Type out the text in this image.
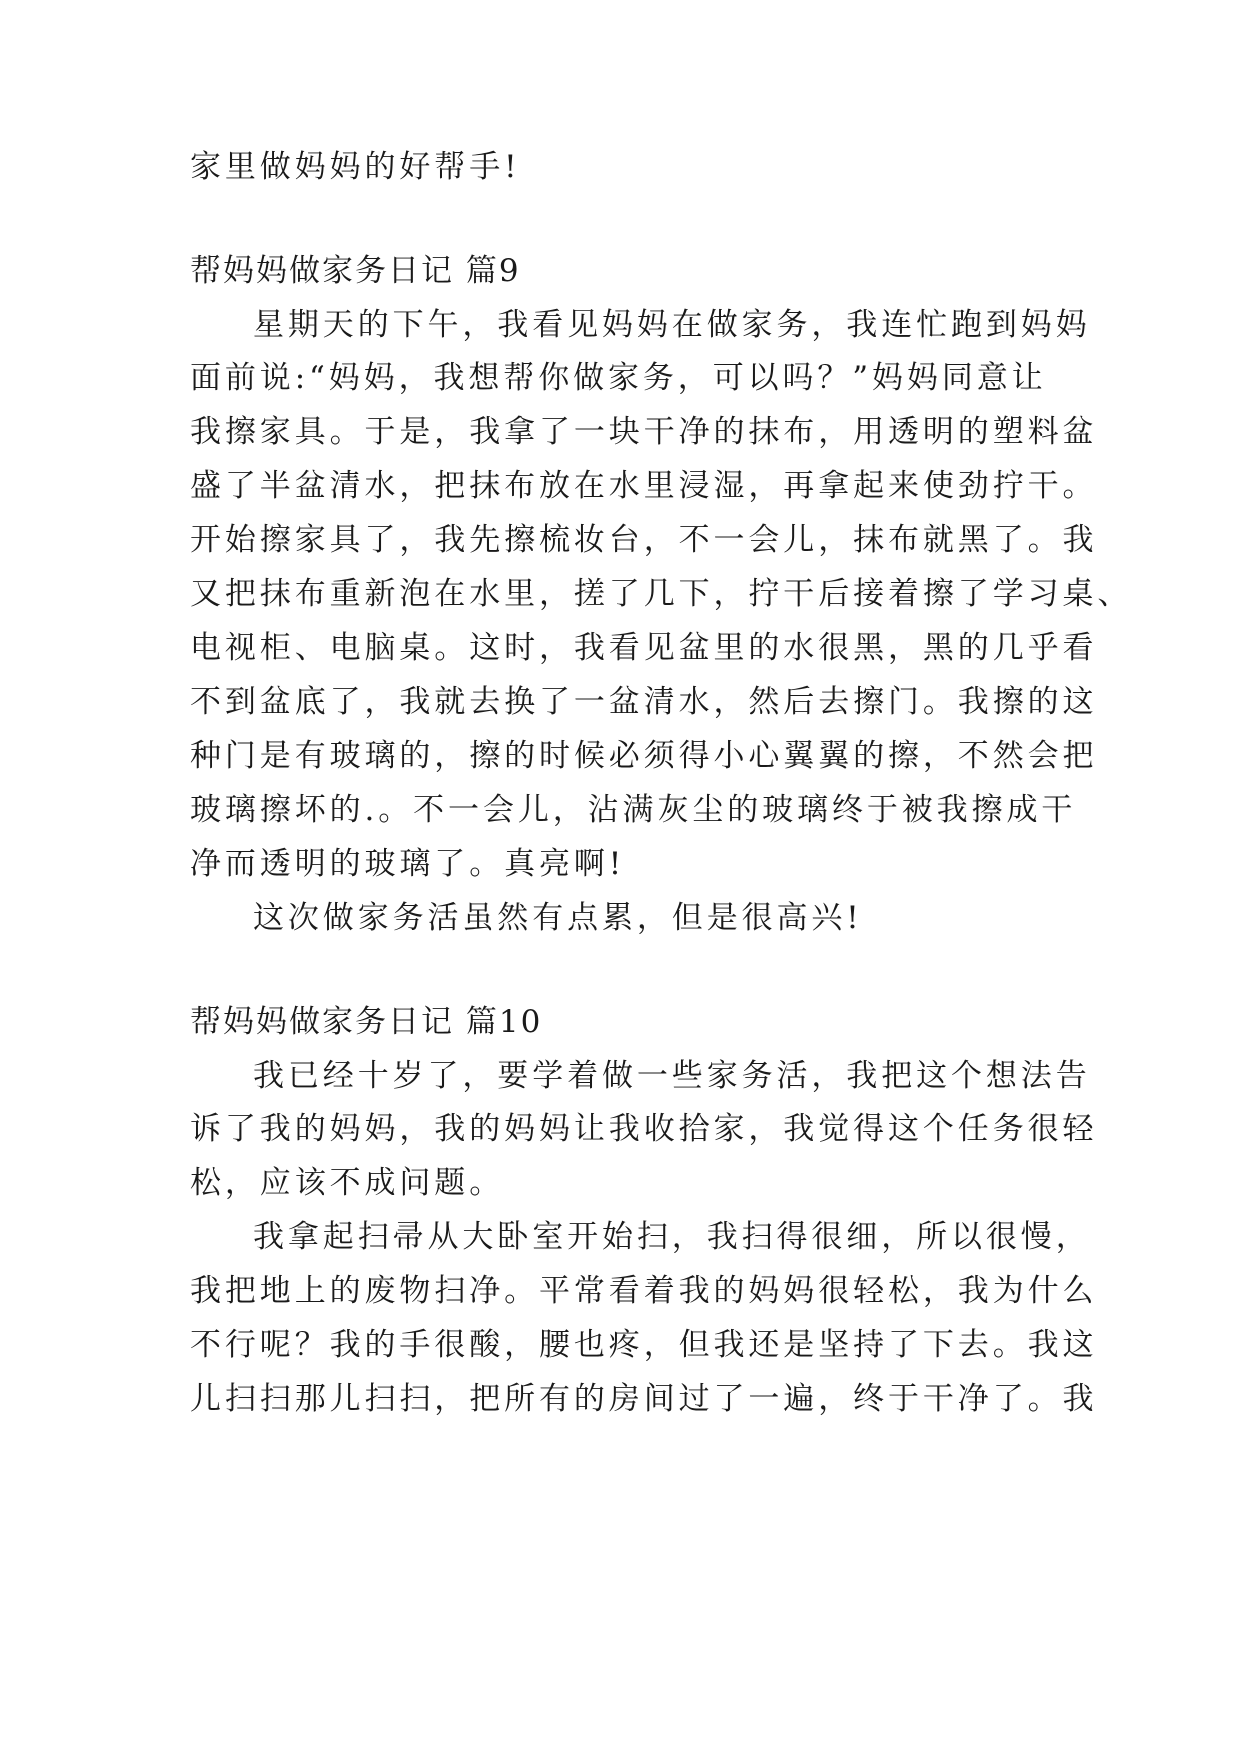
家里做妈妈的好帮手!
帮妈妈做家务日记 篇9
星期天的下午，我看见妈妈在做家务，我连忙跑到妈妈
面前说:“妈妈，我想帮你做家务，可以吗？”妈妈同意让
我擦家具。于是，我拿了一块干净的抹布，用透明的塑料盆
盛了半盆清水，把抹布放在水里浸湿，再拿起来使劲拧干。
开始擦家具了，我先擦梳妆台，不一会儿，抹布就黑了。我
又把抹布重新泡在水里，搓了几下，拧干后接着擦了学习桌、
电视柜、电脑桌。这时，我看见盆里的水很黑，黑的几乎看
不到盆底了，我就去换了一盆清水，然后去擦门。我擦的这
种门是有玻璃的，擦的时候必须得小心翼翼的擦，不然会把
玻璃擦坏的.。不一会儿，沾满灰尘的玻璃终于被我擦成干
净而透明的玻璃了。真亮啊!
这次做家务活虽然有点累，但是很高兴!
帮妈妈做家务日记 篇10
我已经十岁了，要学着做一些家务活，我把这个想法告
诉了我的妈妈，我的妈妈让我收拾家，我觉得这个任务很轻
松，应该不成问题。
我拿起扫帚从大卧室开始扫，我扫得很细，所以很慢，
我把地上的废物扫净。平常看着我的妈妈很轻松，我为什么
不行呢？我的手很酸，腰也疼，但我还是坚持了下去。我这
儿扫扫那儿扫扫，把所有的房间过了一遍，终于干净了。我
